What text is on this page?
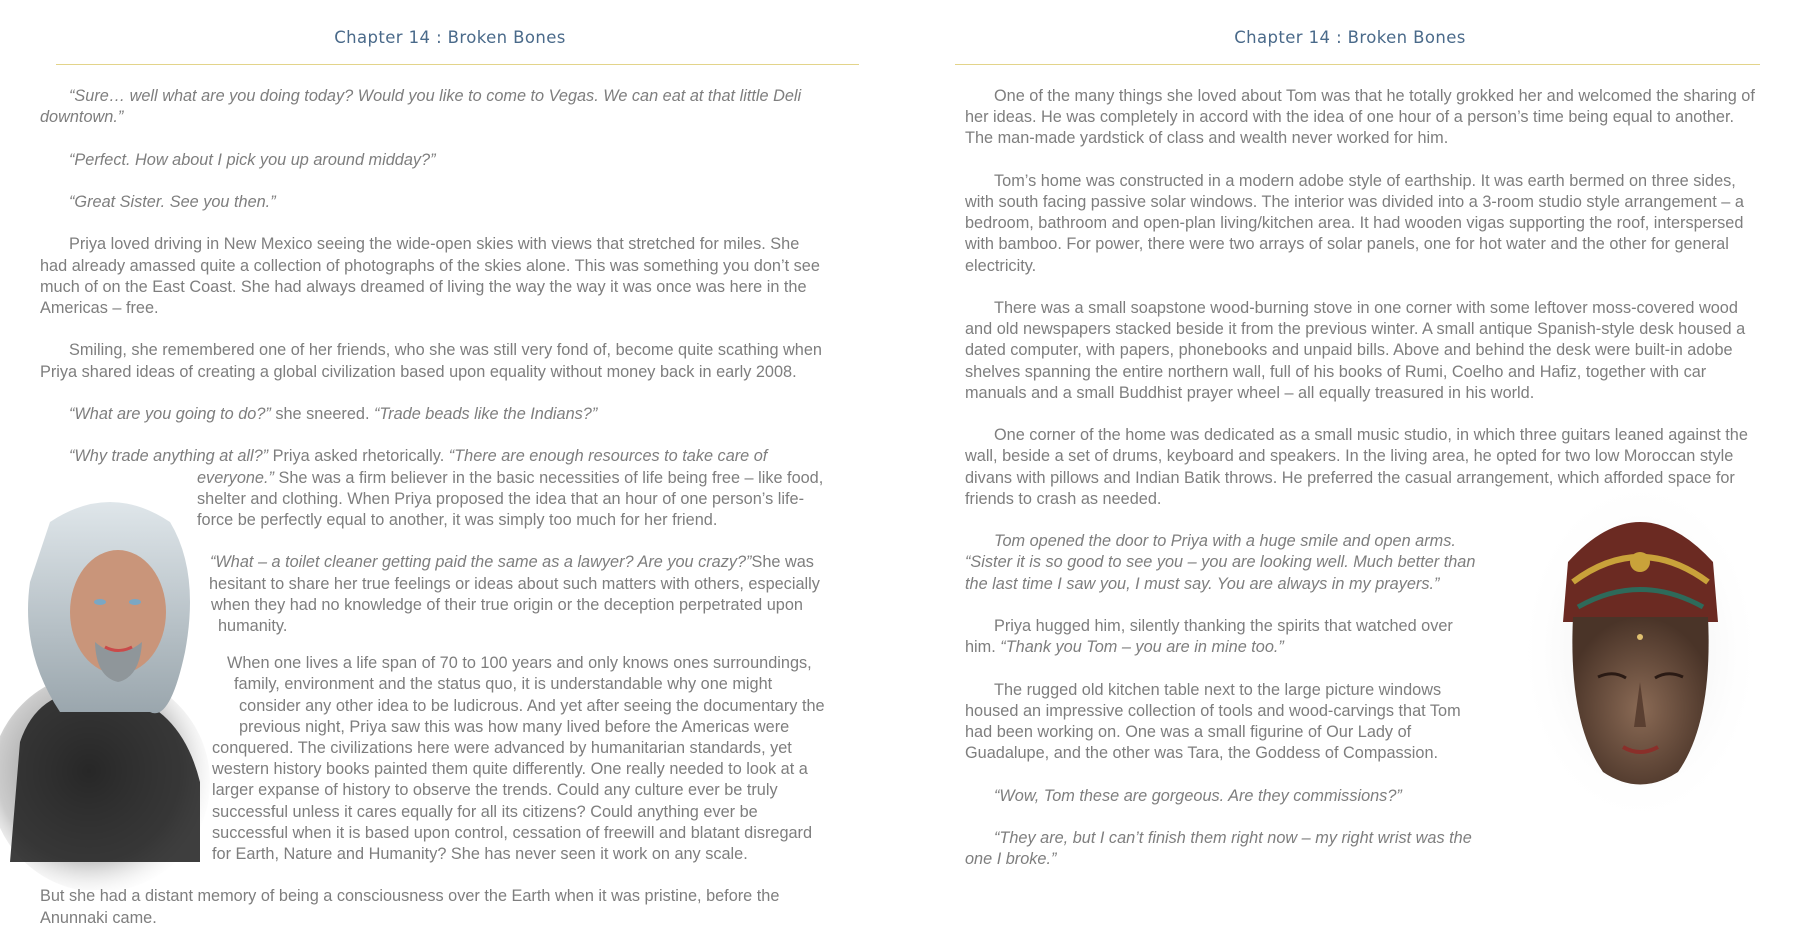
Chapter 14 : Broken Bones

“Sure… well what are you doing today? Would you like to come to Vegas. We can eat at that little Deli downtown.”

“Perfect. How about I pick you up around midday?”

“Great Sister. See you then.”

Priya loved driving in New Mexico seeing the wide-open skies with views that stretched for miles. She had already amassed quite a collection of photographs of the skies alone. This was something you don’t see much of on the East Coast. She had always dreamed of living the way the way it was once was here in the Americas – free.

Smiling, she remembered one of her friends, who she was still very fond of, become quite scathing when Priya shared ideas of creating a global civilization based upon equality without money back in early 2008.

“What are you going to do?” she sneered. “Trade beads like the Indians?”

“Why trade anything at all?” Priya asked rhetorically. “There are enough resources to take care of everyone.” She was a firm believer in the basic necessities of life being free – like food, shelter and clothing. When Priya proposed the idea that an hour of one person’s life-force be perfectly equal to another, it was simply too much for her friend.

“What – a toilet cleaner getting paid the same as a lawyer? Are you crazy?”She was hesitant to share her true feelings or ideas about such matters with others, especially when they had no knowledge of their true origin or the deception perpetrated upon humanity.

When one lives a life span of 70 to 100 years and only knows ones surroundings, family, environment and the status quo, it is understandable why one might consider any other idea to be ludicrous. And yet after seeing the documentary the previous night, Priya saw this was how many lived before the Americas were conquered. The civilizations here were advanced by humanitarian standards, yet western history books painted them quite differently. One really needed to look at a larger expanse of history to observe the trends. Could any culture ever be truly successful unless it cares equally for all its citizens? Could anything ever be successful when it is based upon control, cessation of freewill and blatant disregard for Earth, Nature and Humanity? She has never seen it work on any scale.

But she had a distant memory of being a consciousness over the Earth when it was pristine, before the Anunnaki came.

Chapter 14 : Broken Bones

One of the many things she loved about Tom was that he totally grokked her and welcomed the sharing of her ideas. He was completely in accord with the idea of one hour of a person’s time being equal to another. The man-made yardstick of class and wealth never worked for him.

Tom’s home was constructed in a modern adobe style of earthship. It was earth bermed on three sides, with south facing passive solar windows. The interior was divided into a 3-room studio style arrangement – a bedroom, bathroom and open-plan living/kitchen area. It had wooden vigas supporting the roof, interspersed with bamboo. For power, there were two arrays of solar panels, one for hot water and the other for general electricity.

There was a small soapstone wood-burning stove in one corner with some leftover moss-covered wood and old newspapers stacked beside it from the previous winter. A small antique Spanish-style desk housed a dated computer, with papers, phonebooks and unpaid bills. Above and behind the desk were built-in adobe shelves spanning the entire northern wall, full of his books of Rumi, Coelho and Hafiz, together with car manuals and a small Buddhist prayer wheel – all equally treasured in his world.

One corner of the home was dedicated as a small music studio, in which three guitars leaned against the wall, beside a set of drums, keyboard and speakers. In the living area, he opted for two low Moroccan style divans with pillows and Indian Batik throws. He preferred the casual arrangement, which afforded space for friends to crash as needed.

Tom opened the door to Priya with a huge smile and open arms. “Sister it is so good to see you – you are looking well. Much better than the last time I saw you, I must say. You are always in my prayers.”

Priya hugged him, silently thanking the spirits that watched over him. “Thank you Tom – you are in mine too.”

The rugged old kitchen table next to the large picture windows housed an impressive collection of tools and wood-carvings that Tom had been working on. One was a small figurine of Our Lady of Guadalupe, and the other was Tara, the Goddess of Compassion.

“Wow, Tom these are gorgeous. Are they commissions?”

“They are, but I can’t finish them right now – my right wrist was the one I broke.”
